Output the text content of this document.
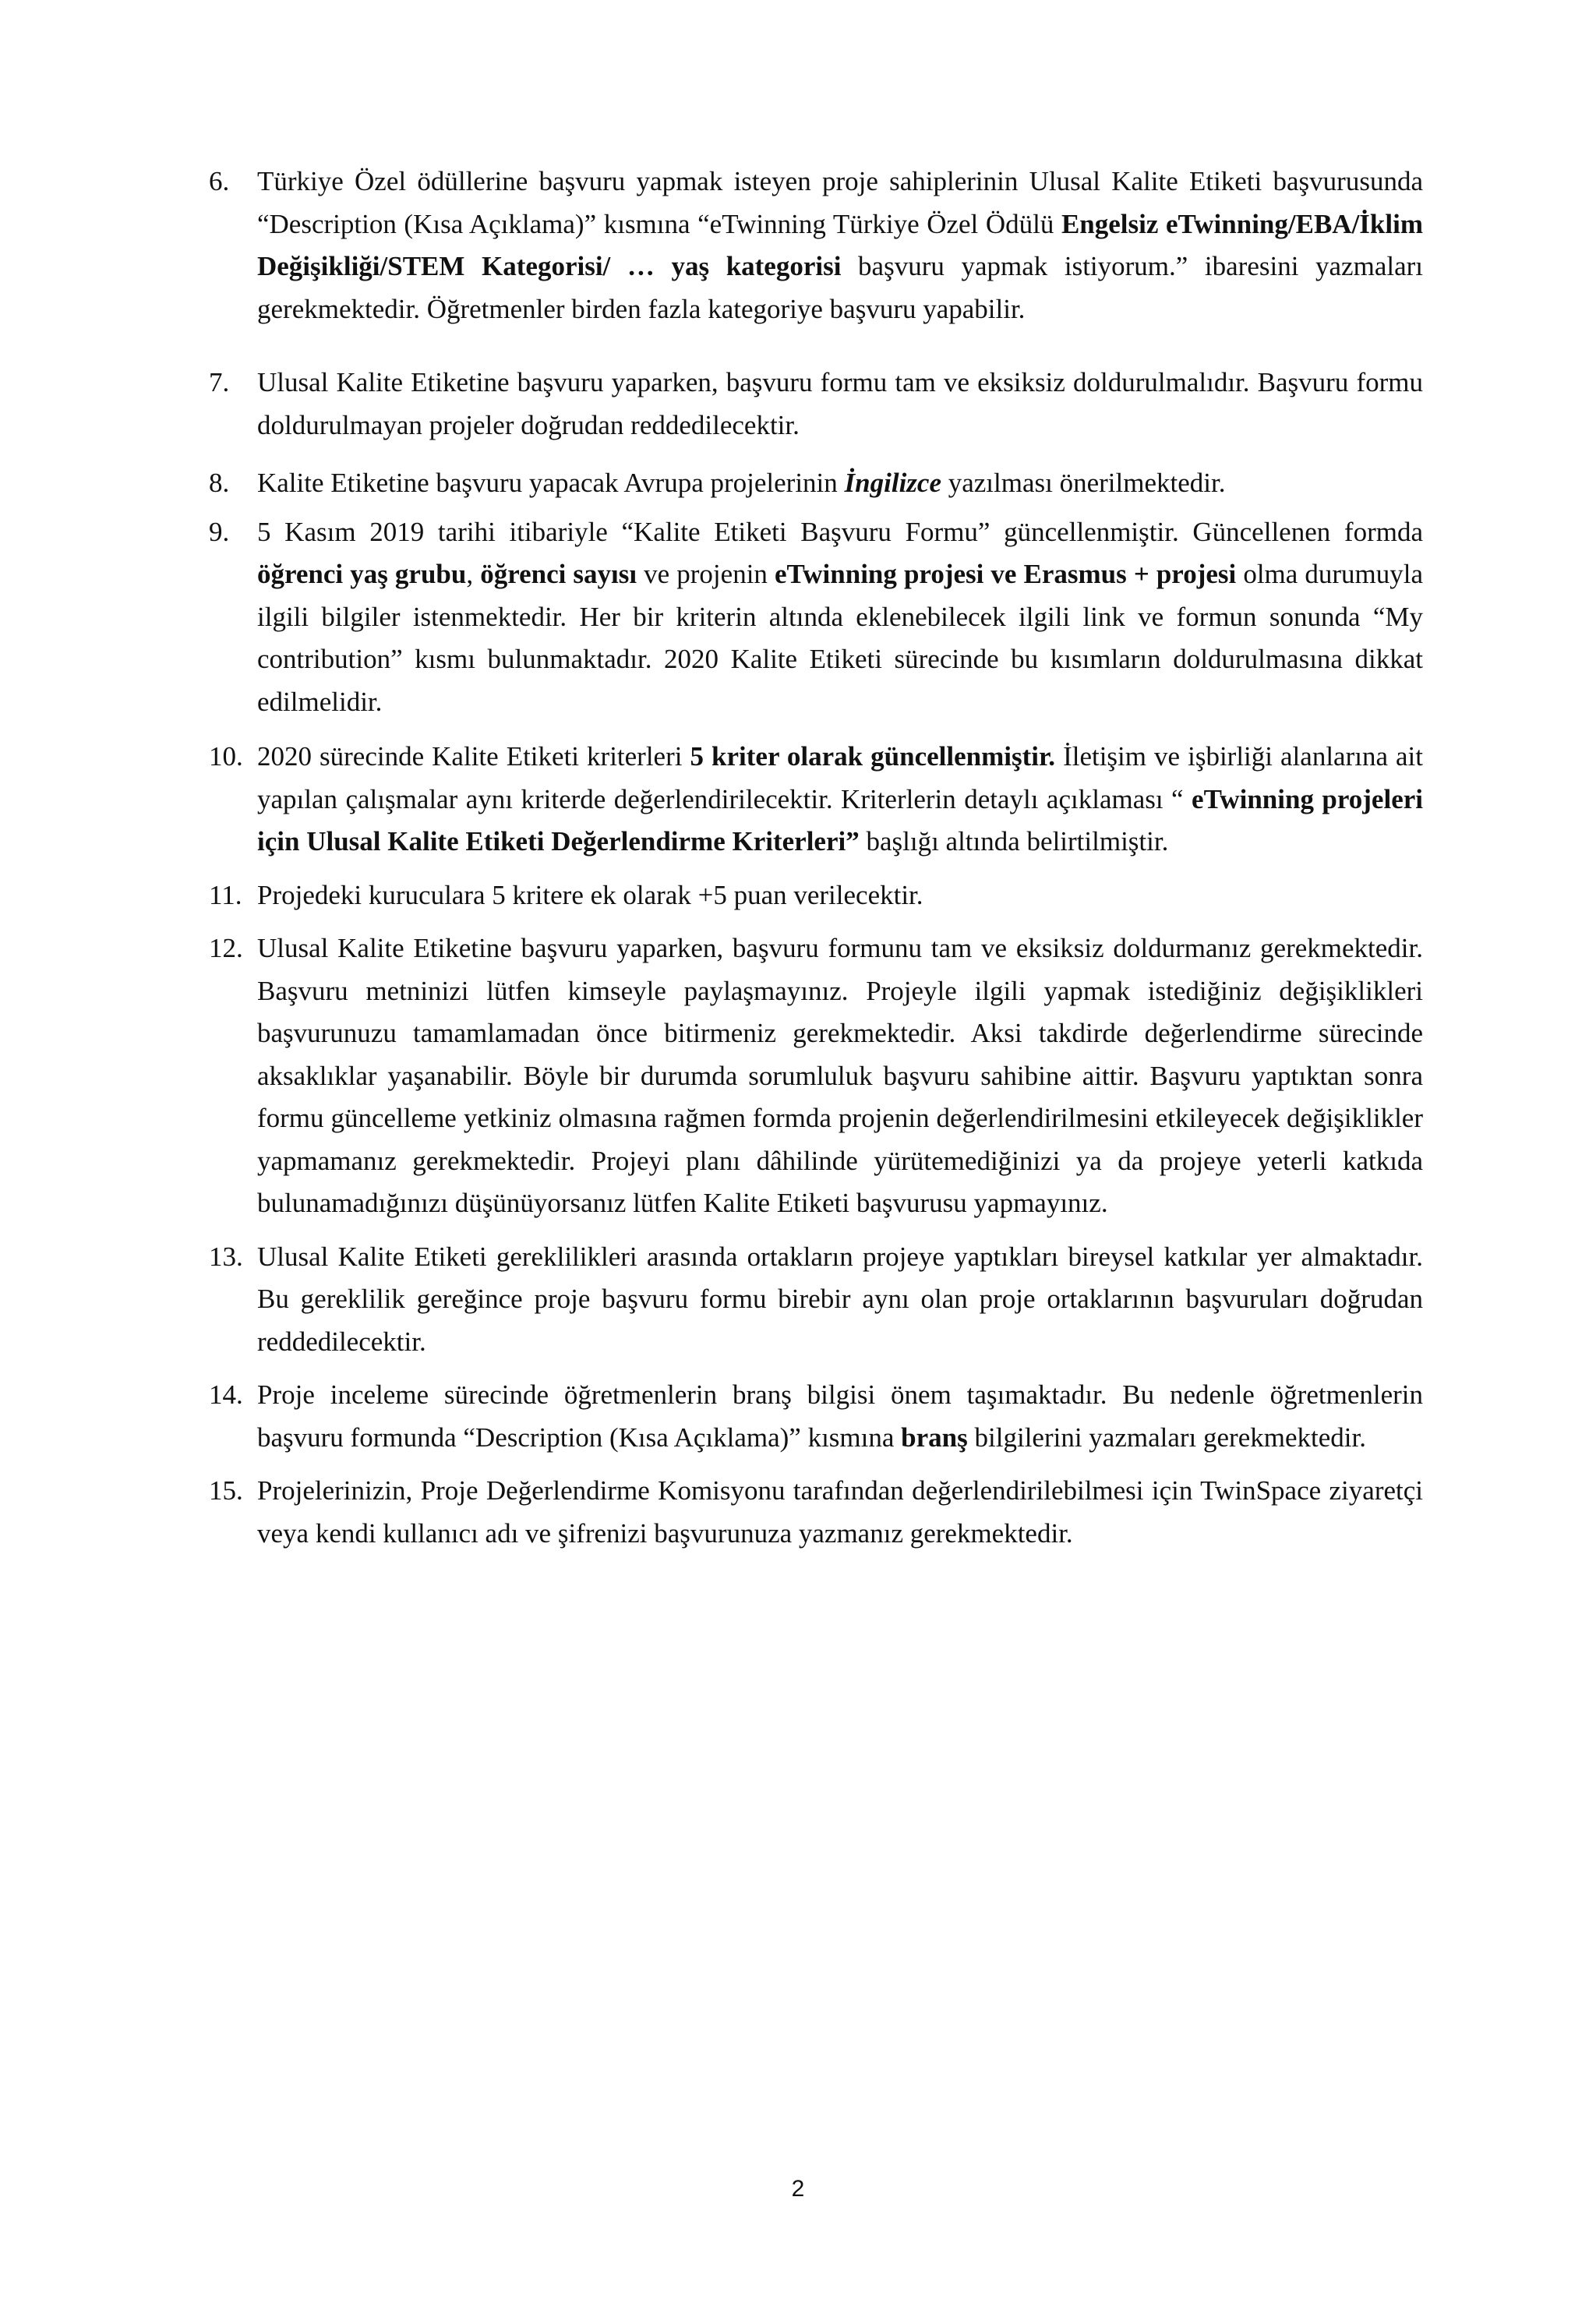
6. Türkiye Özel ödüllerine başvuru yapmak isteyen proje sahiplerinin Ulusal Kalite Etiketi başvurusunda “Description (Kısa Açıklama)” kısmına “eTwinning Türkiye Özel Ödülü Engelsiz eTwinning/EBA/İklim Değişikliği/STEM Kategorisi/ … yaş kategorisi başvuru yapmak istiyorum.” ibaresini yazmaları gerekmektedir. Öğretmenler birden fazla kategoriye başvuru yapabilir.
7. Ulusal Kalite Etiketine başvuru yaparken, başvuru formu tam ve eksiksiz doldurulmalıdır. Başvuru formu doldurulmayan projeler doğrudan reddedilecektir.
8. Kalite Etiketine başvuru yapacak Avrupa projelerinin İngilizce yazılması önerilmektedir.
9. 5 Kasım 2019 tarihi itibariyle “Kalite Etiketi Başvuru Formu” güncellenmiştir. Güncellenen formda öğrenci yaş grubu, öğrenci sayısı ve projenin eTwinning projesi ve Erasmus + projesi olma durumuyla ilgili bilgiler istenmektedir. Her bir kriterin altında eklenebilecek ilgili link ve formun sonunda “My contribution” kısmı bulunmaktadır. 2020 Kalite Etiketi sürecinde bu kısımların doldurulmasına dikkat edilmelidir.
10. 2020 sürecinde Kalite Etiketi kriterleri 5 kriter olarak güncellenmiştir. İletişim ve işbirliği alanlarına ait yapılan çalışmalar aynı kriterde değerlendirilecektir. Kriterlerin detaylı açıklaması “ eTwinning projeleri için Ulusal Kalite Etiketi Değerlendirme Kriterleri” başlığı altında belirtilmiştir.
11. Projedeki kuruculara 5 kritere ek olarak +5 puan verilecektir.
12. Ulusal Kalite Etiketine başvuru yaparken, başvuru formunu tam ve eksiksiz doldurmanız gerekmektedir. Başvuru metninizi lütfen kimseyle paylaşmayınız. Projeyle ilgili yapmak istediğiniz değişiklikleri başvurunuzu tamamlamadan önce bitirmeniz gerekmektedir. Aksi takdirde değerlendirme sürecinde aksaklıklar yaşanabilir. Böyle bir durumda sorumluluk başvuru sahibine aittir. Başvuru yaptıktan sonra formu güncelleme yetkiniz olmasına rağmen formda projenin değerlendirilmesini etkileyecek değişiklikler yapmamanız gerekmektedir. Projeyi planı dâhilinde yürütemediğinizi ya da projeye yeterli katkıda bulunamadığınızı düşünüyorsanız lütfen Kalite Etiketi başvurusu yapmayınız.
13. Ulusal Kalite Etiketi gereklilikleri arasında ortakların projeye yaptıkları bireysel katkılar yer almaktadır. Bu gereklilik gereğince proje başvuru formu birebir aynı olan proje ortaklarının başvuruları doğrudan reddedilecektir.
14. Proje inceleme sürecinde öğretmenlerin branş bilgisi önem taşımaktadır. Bu nedenle öğretmenlerin başvuru formunda “Description (Kısa Açıklama)” kısmına branş bilgilerini yazmaları gerekmektedir.
15. Projelerinizin, Proje Değerlendirme Komisyonu tarafından değerlendirilebilmesi için TwinSpace ziyaretçi veya kendi kullanıcı adı ve şifrenizi başvurunuza yazmanız gerekmektedir.
2
